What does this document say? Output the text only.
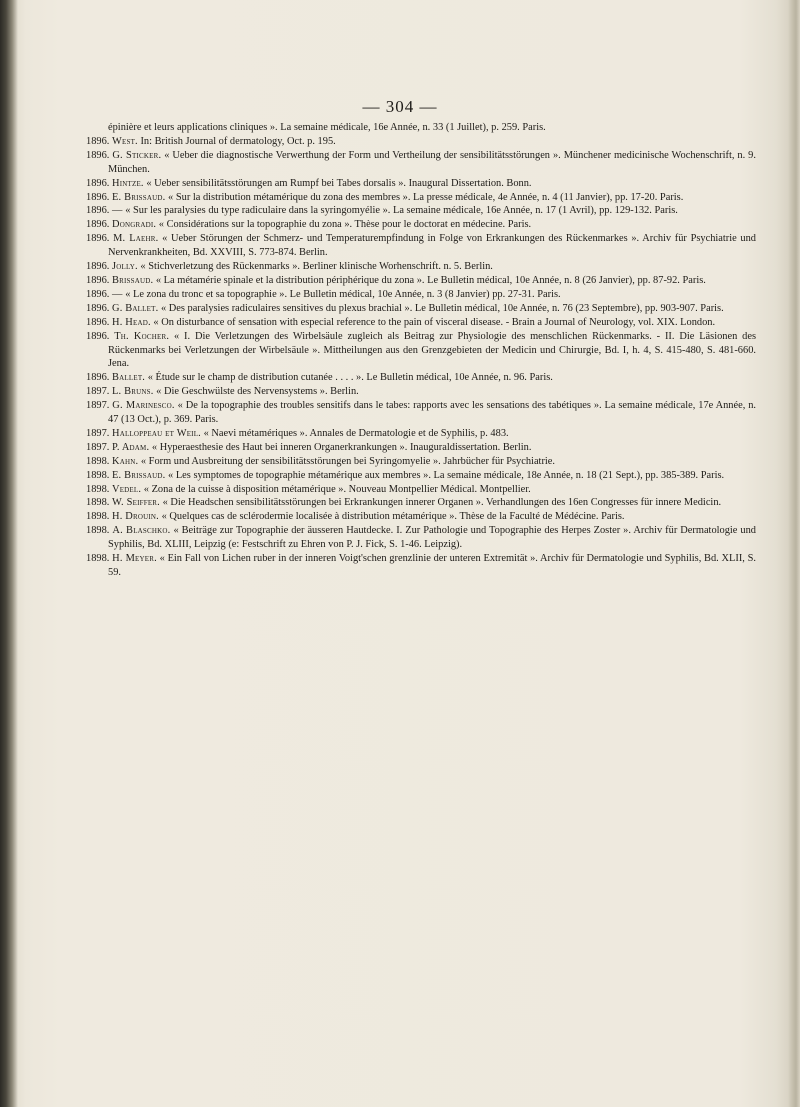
— 304 —

épinière et leurs applications cliniques ». La semaine médicale, 16e Année, n. 33 (1 Juillet), p. 259. Paris.

1896. West. In: British Journal of dermatology, Oct. p. 195.

1896. G. Sticker. « Ueber die diagnostische Verwerthung der Form und Vertheilung der sensibilitätsstörungen ». Münchener medicinische Wochenschrift, n. 9. München.

1896. Hintze. « Ueber sensibilitätsstörungen am Rumpf bei Tabes dorsalis ». Inaugural Dissertation. Bonn.

1896. E. Brissaud. « Sur la distribution métamérique du zona des membres ». La presse médicale, 4e Année, n. 4 (11 Janvier), pp. 17-20. Paris.

1896. — « Sur les paralysies du type radiculaire dans la syringomyélie ». La semaine médicale, 16e Année, n. 17 (1 Avril), pp. 129-132. Paris.

1896. Dongradi. « Considérations sur la topographie du zona ». Thèse pour le doctorat en médecine. Paris.

1896. M. Laehr. « Ueber Störungen der Schmerz- und Temperaturempfindung in Folge von Erkrankungen des Rückenmarkes ». Archiv für Psychiatrie und Nervenkrankheiten, Bd. XXVIII, S. 773-874. Berlin.

1896. Jolly. « Stichverletzung des Rückenmarks ». Berliner klinische Worhenschrift. n. 5. Berlin.

1896. Brissaud. « La métamérie spinale et la distribution périphérique du zona ». Le Bulletin médical, 10e Année, n. 8 (26 Janvier), pp. 87-92. Paris.

1896. — « Le zona du tronc et sa topographie ». Le Bulletin médical, 10e Année, n. 3 (8 Janvier) pp. 27-31. Paris.

1896. G. Ballet. « Des paralysies radiculaires sensitives du plexus brachial ». Le Bulletin médical, 10e Année, n. 76 (23 Septembre), pp. 903-907. Paris.

1896. H. Head. « On disturbance of sensation with especial reference to the pain of visceral disease. - Brain a Journal of Neurology, vol. XIX. London.

1896. Th. Kocher. « I. Die Verletzungen des Wirbelsäule zugleich als Beitrag zur Physiologie des menschlichen Rückenmarks. - II. Die Läsionen des Rückenmarks bei Verletzungen der Wirbelsäule ». Mittheilungen aus den Grenzgebieten der Medicin und Chirurgie, Bd. I, h. 4, S. 415-480, S. 481-660. Jena.

1896. Ballet. « Étude sur le champ de distribution cutanée . . . . ». Le Bulletin médical, 10e Année, n. 96. Paris.

1897. L. Bruns. « Die Geschwülste des Nervensystems ». Berlin.

1897. G. Marinesco. « De la topographie des troubles sensitifs dans le tabes: rapports avec les sensations des tabétiques ». La semaine médicale, 17e Année, n. 47 (13 Oct.), p. 369. Paris.

1897. Halloppeau et Weil. « Naevi métamériques ». Annales de Dermatologie et de Syphilis, p. 483.

1897. P. Adam. « Hyperaesthesie des Haut bei inneren Organerkrankungen ». Inauguraldissertation. Berlin.

1898. Kahn. « Form und Ausbreitung der sensibilitätsstörungen bei Syringomyelie ». Jahrbücher für Psychiatrie.

1898. E. Brissaud. « Les symptomes de topographie métamérique aux membres ». La semaine médicale, 18e Année, n. 18 (21 Sept.), pp. 385-389. Paris.

1898. Vedel. « Zona de la cuisse à disposition métamérique ». Nouveau Montpellier Médical. Montpellier.

1898. W. Seiffer. « Die Headschen sensibilitätsstörungen bei Erkrankungen innerer Organen ». Verhandlungen des 16en Congresses für innere Medicin.

1898. H. Drouin. « Quelques cas de sclérodermie localisée à distribution métamérique ». Thèse de la Faculté de Médécine. Paris.

1898. A. Blaschko. « Beiträge zur Topographie der äusseren Hautdecke. I. Zur Pathologie und Topographie des Herpes Zoster ». Archiv für Dermatologie und Syphilis, Bd. XLIII, Leipzig (e: Festschrift zu Ehren von P. J. Fick, S. 1-46. Leipzig).

1898. H. Meyer. « Ein Fall von Lichen ruber in der inneren Voigt'schen grenzlinie der unteren Extremität ». Archiv für Dermatologie und Syphilis, Bd. XLII, S. 59.
